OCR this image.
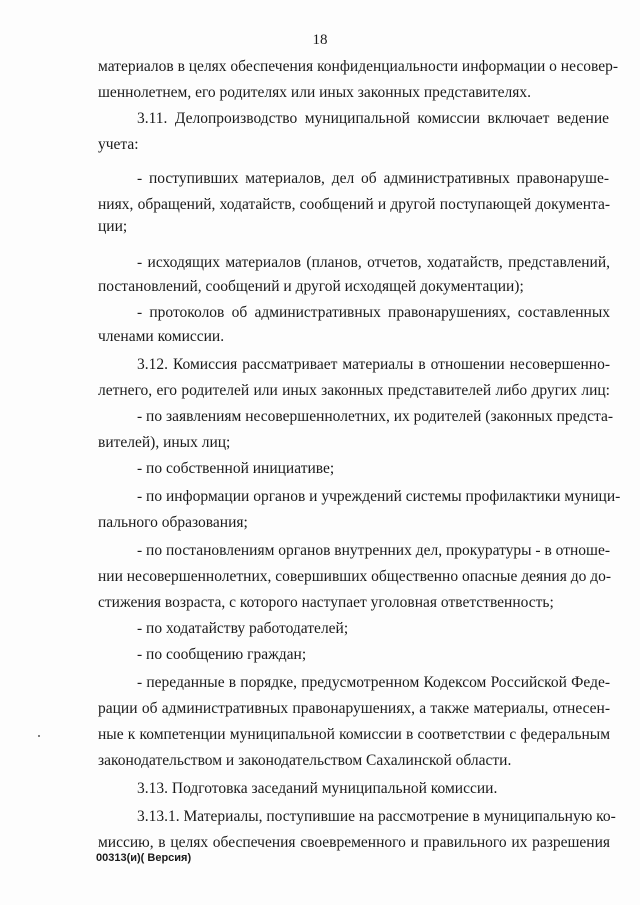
18
материалов в целях обеспечения конфиденциальности информации о несовер-
шеннолетнем, его родителях или иных законных представителях.
3.11. Делопроизводство муниципальной комиссии включает ведение
учета:
- поступивших материалов, дел об административных правонаруше-
ниях, обращений, ходатайств, сообщений и другой поступающей документа-
ции;
- исходящих материалов (планов, отчетов, ходатайств, представлений,
постановлений, сообщений и другой исходящей документации);
- протоколов об административных правонарушениях, составленных
членами комиссии.
3.12. Комиссия рассматривает материалы в отношении несовершенно-
летнего, его родителей или иных законных представителей либо других лиц:
- по заявлениям несовершеннолетних, их родителей (законных предста-
вителей), иных лиц;
- по собственной инициативе;
- по информации органов и учреждений системы профилактики муници-
пального образования;
- по постановлениям органов внутренних дел, прокуратуры - в отноше-
нии несовершеннолетних, совершивших общественно опасные деяния до до-
стижения возраста, с которого наступает уголовная ответственность;
- по ходатайству работодателей;
- по сообщению граждан;
- переданные в порядке, предусмотренном Кодексом Российской Феде-
рации об административных правонарушениях, а также материалы, отнесен-
ные к компетенции муниципальной комиссии в соответствии с федеральным
законодательством и законодательством Сахалинской области.
3.13. Подготовка заседаний муниципальной комиссии.
3.13.1. Материалы, поступившие на рассмотрение в муниципальную ко-
миссию, в целях обеспечения своевременного и правильного их разрешения
00313(и)( Версия)
